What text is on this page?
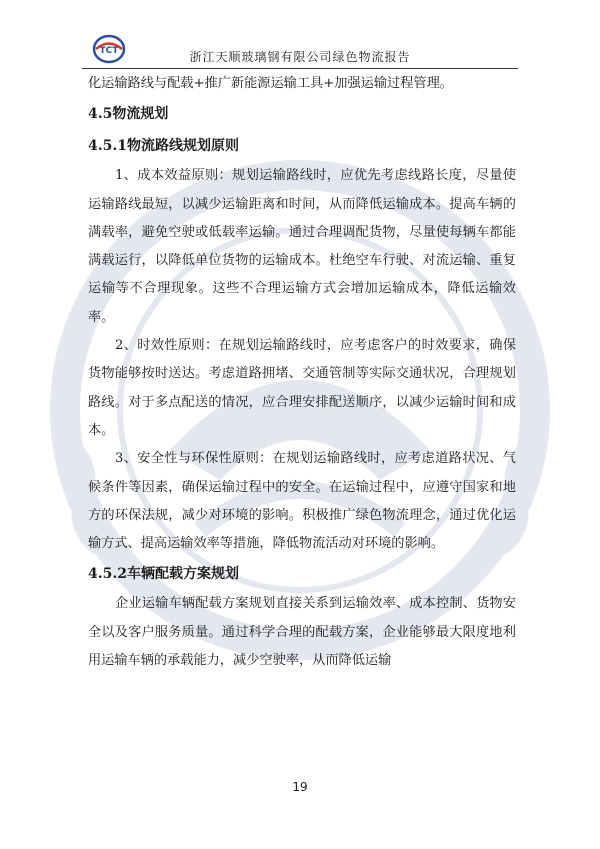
TCT	浙江天顺玻璃钢有限公司绿色物流报告

化运输路线与配载+推广新能源运输工具+加强运输过程管理。

4.5物流规划
4.5.1物流路线规划原则

1、成本效益原则：规划运输路线时，应优先考虑线路长度，尽量使运输路线最短，以减少运输距离和时间，从而降低运输成本。提高车辆的满载率，避免空驶或低载率运输。通过合理调配货物，尽量使每辆车都能满载运行，以降低单位货物的运输成本。杜绝空车行驶、对流运输、重复运输等不合理现象。这些不合理运输方式会增加运输成本，降低运输效率。

2、时效性原则：在规划运输路线时，应考虑客户的时效要求，确保货物能够按时送达。考虑道路拥堵、交通管制等实际交通状况，合理规划路线。对于多点配送的情况，应合理安排配送顺序，以减少运输时间和成本。

3、安全性与环保性原则：在规划运输路线时，应考虑道路状况、气候条件等因素，确保运输过程中的安全。在运输过程中，应遵守国家和地方的环保法规，减少对环境的影响。积极推广绿色物流理念，通过优化运输方式、提高运输效率等措施，降低物流活动对环境的影响。

4.5.2车辆配载方案规划

企业运输车辆配载方案规划直接关系到运输效率、成本控制、货物安全以及客户服务质量。通过科学合理的配载方案，企业能够最大限度地利用运输车辆的承载能力，减少空驶率，从而降低运输

19
